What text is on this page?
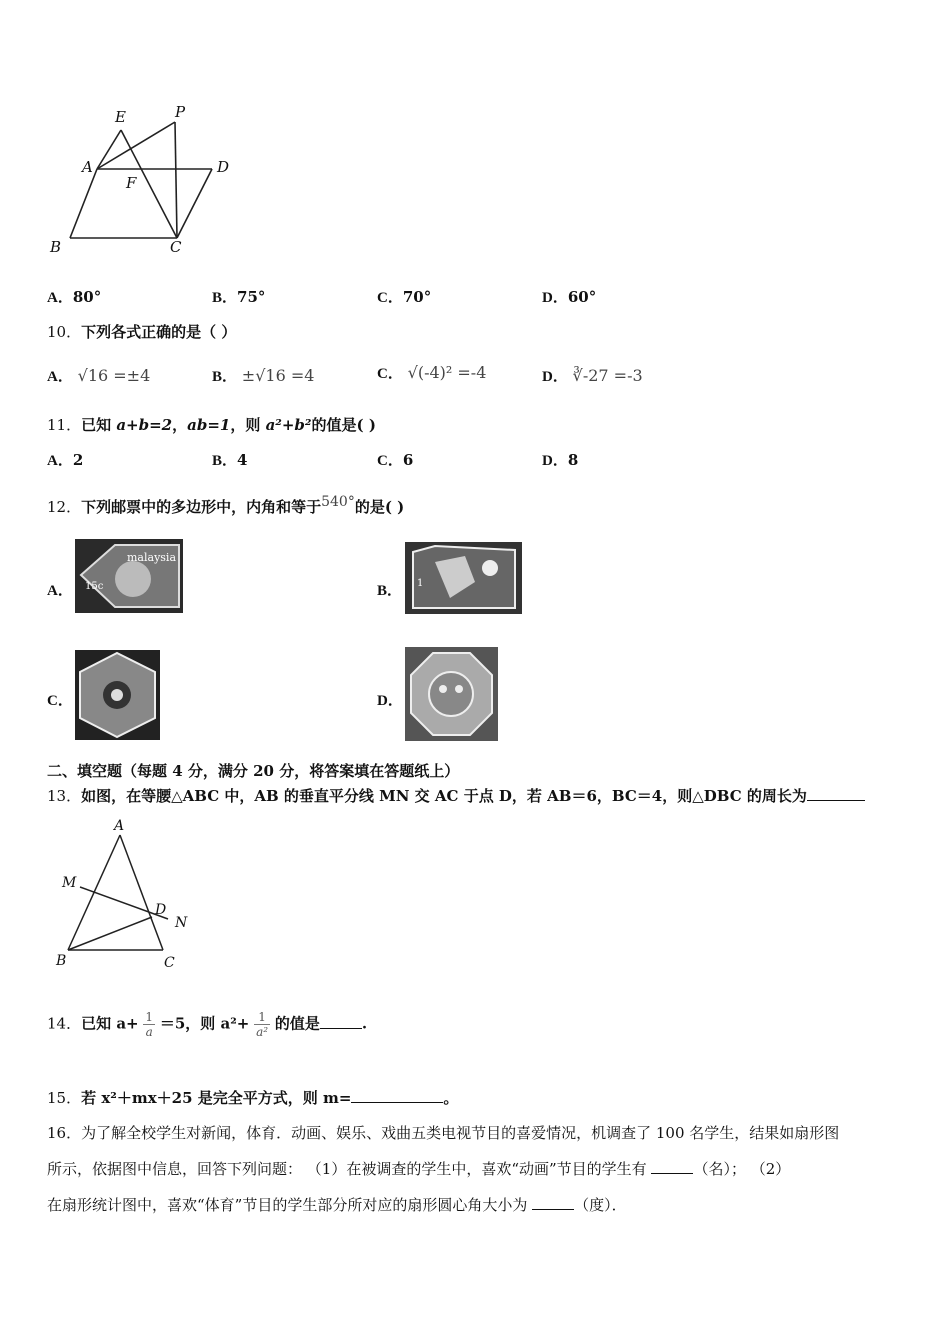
E	P
A	D
F
B	C
A．80°	B．75°	C．70°	D．60°
10．下列各式正确的是（ ）
A． √16 =±4	B． ±√16 =4	C． √(-4)² =-4	D． ∛-27 =-3
11．已知 a+b=2，ab=1，则 a²+b²的值是( )
A．2	B．4	C．6	D．8
12．下列邮票中的多边形中，内角和等于540°的是( )
A．
malaysia
15c	B． 1
C．	D．
二、填空题（每题 4 分，满分 20 分，将答案填在答题纸上）
13．如图，在等腰△ABC 中，AB 的垂直平分线 MN 交 AC 于点 D，若 AB＝6，BC＝4，则△DBC 的周长为
A
M
D
N
B	C
14．已知 $a+ \frac{1}{a} =5$，则 $a^2+ \frac{1}{\text{a²}}$ 的值是	.
15．若 x²＋mx＋25 是完全平方式，则 m=	。
16．为了解全校学生对新闻，体育．动画、娱乐、戏曲五类电视节目的喜爱情况，机调查了 100 名学生，结果如扇形图
所示，依据图中信息，回答下列问题： （1）在被调查的学生中，喜欢“动画”节目的学生有	（名）； （2）
在扇形统计图中，喜欢“体育”节目的学生部分所对应的扇形圆心角大小为	（度）．
